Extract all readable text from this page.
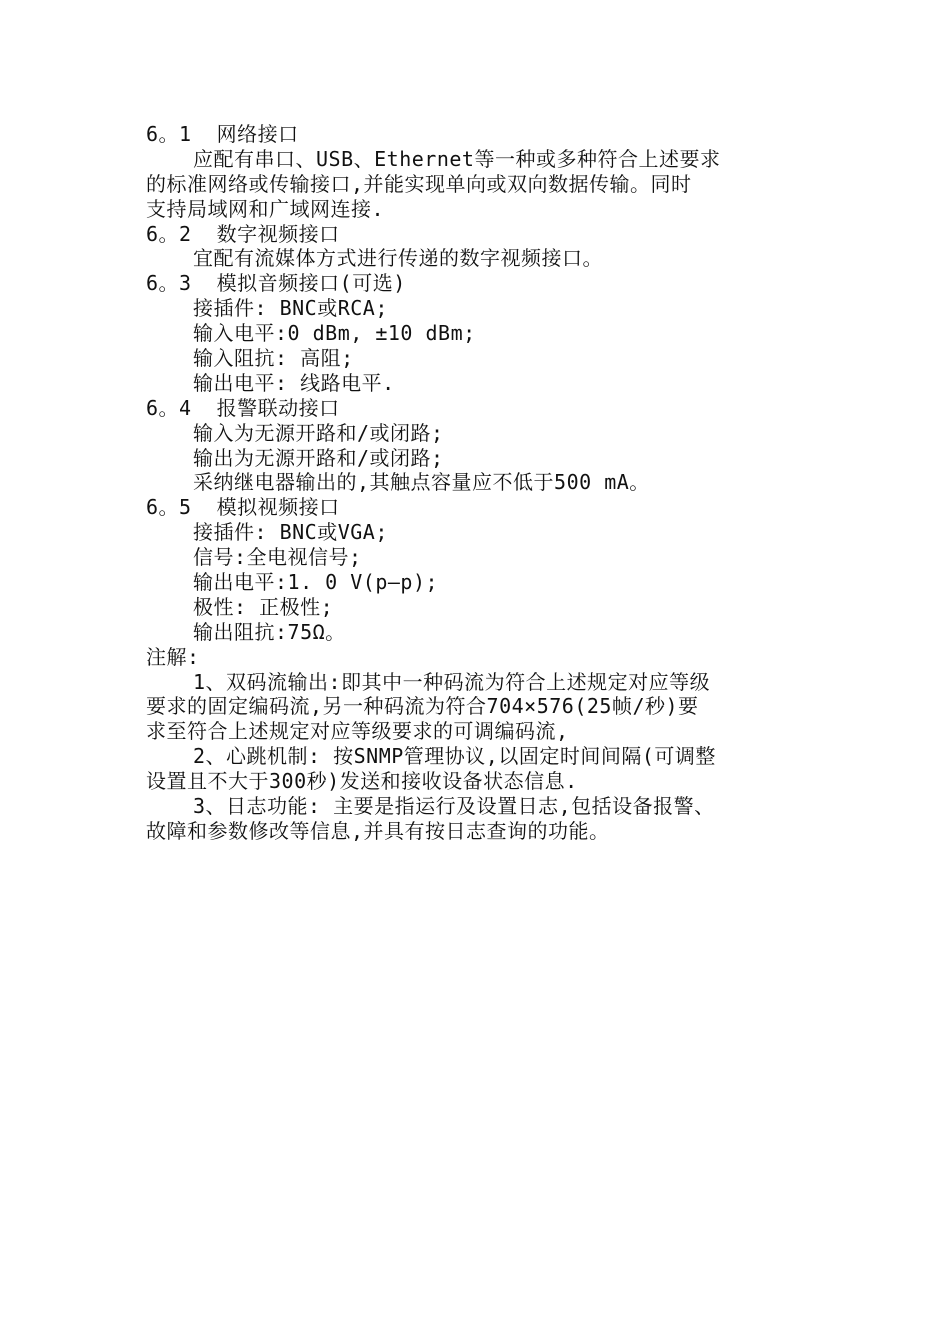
6。1  网络接口
应配有串口、USB、Ethernet等一种或多种符合上述要求
的标准网络或传输接口,并能实现单向或双向数据传输。同时
支持局域网和广域网连接.
6。2  数字视频接口
宜配有流媒体方式进行传递的数字视频接口。
6。3  模拟音频接口(可选)
接插件: BNC或RCA;
输入电平:0 dBm, ±10 dBm;
输入阻抗: 高阻;
输出电平: 线路电平.
6。4  报警联动接口
输入为无源开路和/或闭路;
输出为无源开路和/或闭路;
采纳继电器输出的,其触点容量应不低于500 mA。
6。5  模拟视频接口
接插件: BNC或VGA;
信号:全电视信号;
输出电平:1. 0 V(p—p);
极性: 正极性;
输出阻抗:75Ω。
注解:
1、双码流输出:即其中一种码流为符合上述规定对应等级
要求的固定编码流,另一种码流为符合704×576(25帧/秒)要
求至符合上述规定对应等级要求的可调编码流,
2、心跳机制: 按SNMP管理协议,以固定时间间隔(可调整
设置且不大于300秒)发送和接收设备状态信息.
3、日志功能: 主要是指运行及设置日志,包括设备报警、
故障和参数修改等信息,并具有按日志查询的功能。
